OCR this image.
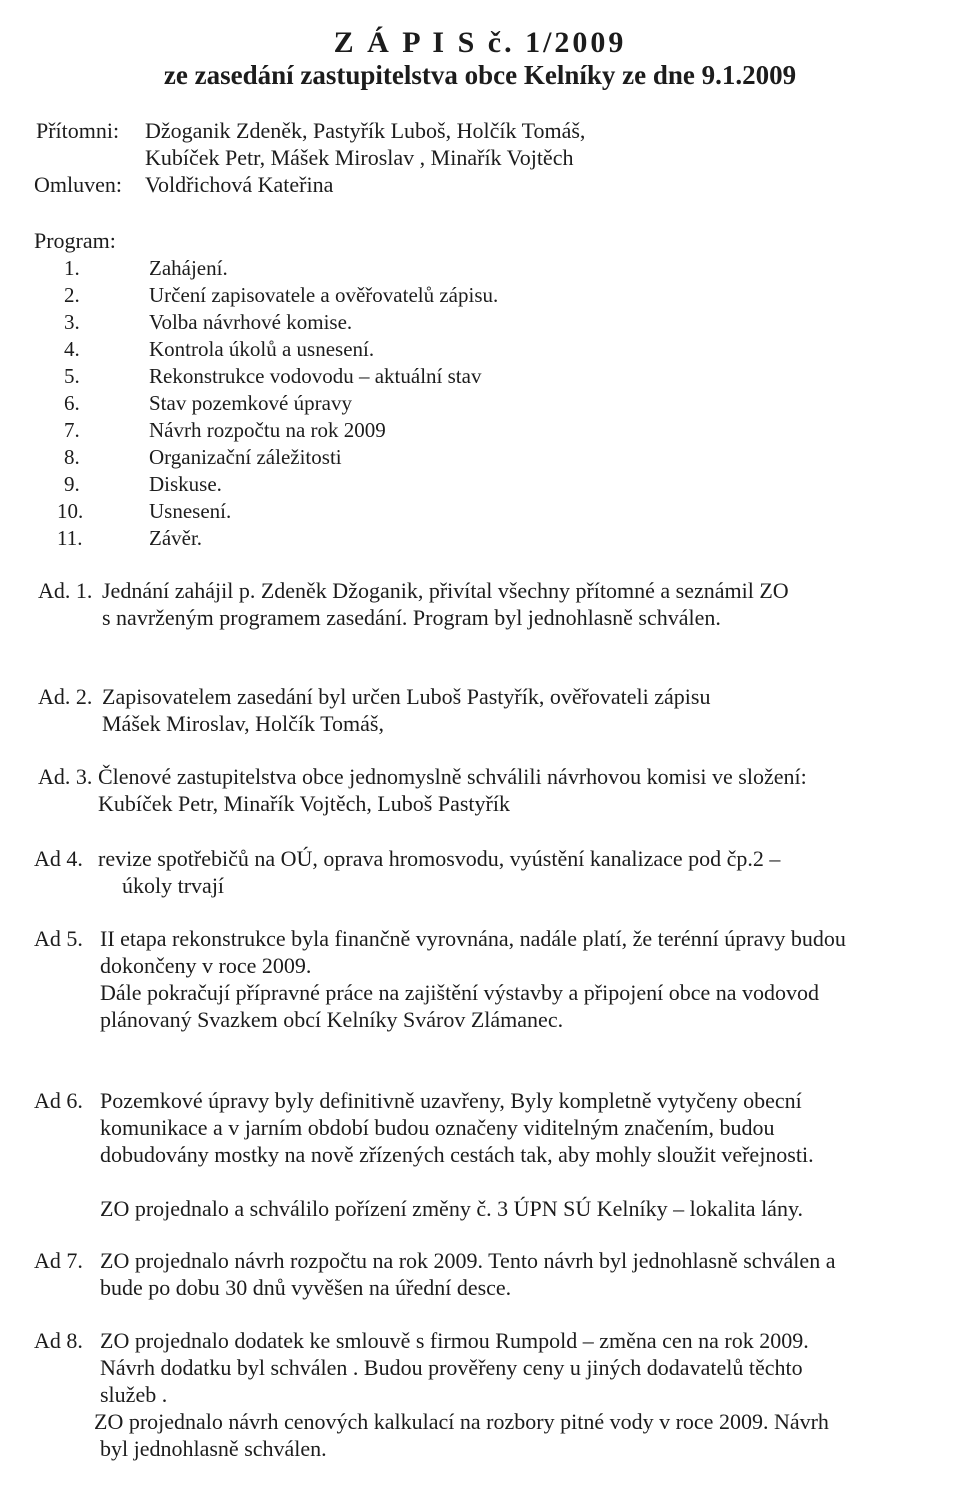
Z Á P I S č. 1/2009
ze zasedání zastupitelstva obce Kelníky ze dne 9.1.2009
Přítomni: Džoganik Zdeněk, Pastyřík Luboš, Holčík Tomáš,
Kubíček Petr, Mášek Miroslav , Minařík Vojtěch
Omluven: Voldřichová Kateřina
Program:
1.	Zahájení.
2.	Určení zapisovatele a ověřovatelů zápisu.
3.	Volba návrhové komise.
4.	Kontrola úkolů a usnesení.
5.	Rekonstrukce vodovodu – aktuální stav
6.	Stav pozemkové úpravy
7.	Návrh rozpočtu na rok 2009
8.	Organizační záležitosti
9.	Diskuse.
10.	Usnesení.
11.	Závěr.
Ad. 1. Jednání zahájil p. Zdeněk Džoganik, přivítal všechny přítomné a seznámil ZO
s navrženým programem zasedání. Program byl jednohlasně schválen.
Ad. 2. Zapisovatelem zasedání byl určen Luboš Pastyřík, ověřovateli zápisu
Mášek Miroslav, Holčík Tomáš,
Ad. 3. Členové zastupitelstva obce jednomyslně schválili návrhovou komisi ve složení:
Kubíček Petr, Minařík Vojtěch, Luboš Pastyřík
Ad 4. revize spotřebičů na OÚ, oprava hromosvodu, vyústění kanalizace pod čp.2 –
úkoly trvají
Ad 5. II etapa rekonstrukce byla finančně vyrovnána, nadále platí, že terénní úpravy budou
dokončeny v roce 2009.
Dále pokračují přípravné práce na zajištění výstavby a připojení obce na vodovod
plánovaný Svazkem obcí Kelníky Svárov Zlámanec.
Ad 6. Pozemkové úpravy byly definitivně uzavřeny, Byly kompletně vytyčeny obecní
komunikace a v jarním období budou označeny viditelným značením, budou
dobudovány mostky na nově zřízených cestách tak, aby mohly sloužit veřejnosti.
ZO projednalo a schválilo pořízení změny č. 3 ÚPN SÚ Kelníky – lokalita lány.
Ad 7. ZO projednalo návrh rozpočtu na rok 2009. Tento návrh byl jednohlasně schválen a
bude po dobu 30 dnů vyvěšen na úřední desce.
Ad 8. ZO projednalo dodatek ke smlouvě s firmou Rumpold – změna cen na rok 2009.
Návrh dodatku byl schválen . Budou prověřeny ceny u jiných dodavatelů těchto
služeb .
ZO projednalo návrh cenových kalkulací na rozbory pitné vody v roce 2009. Návrh
byl jednohlasně schválen.
